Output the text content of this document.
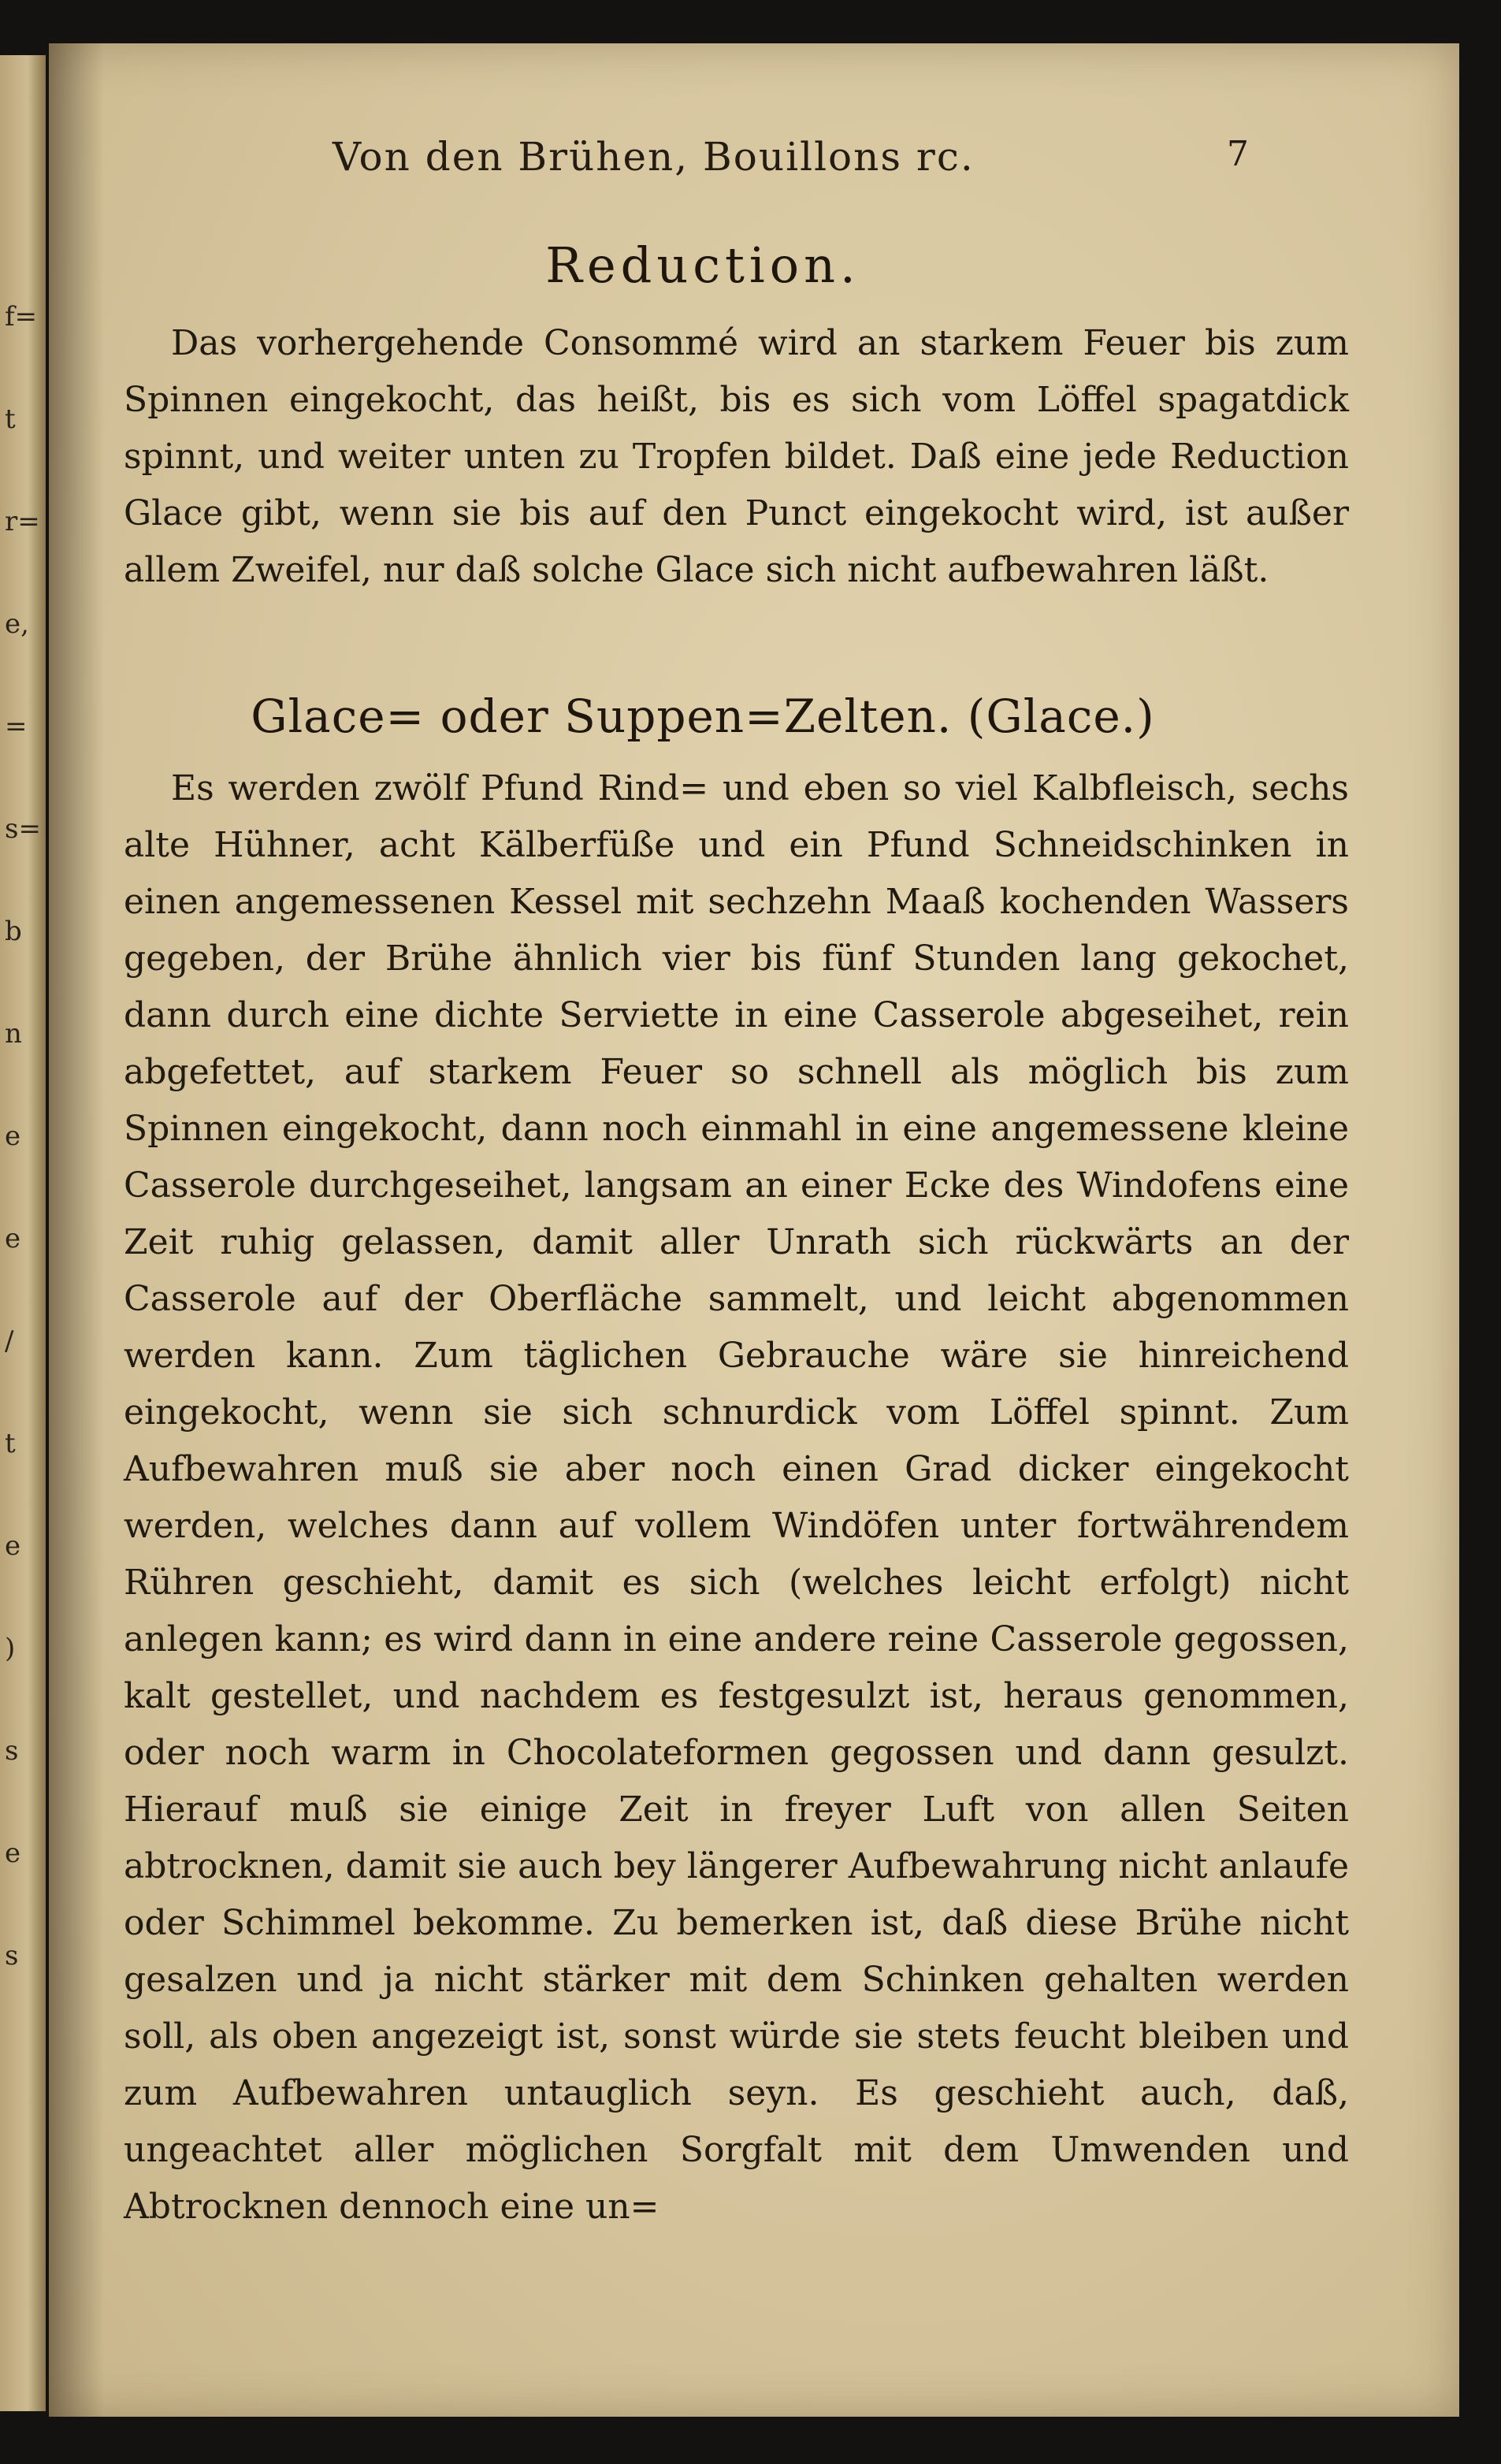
f=
t
r=
e,
=
s=
b
n
e
e
/
t
e
)
s
e
s
Von den Brühen, Bouillons rc.	7
Reduction.

Das vorhergehende Consommé wird an starkem Feuer bis zum Spinnen eingekocht, das heißt, bis es sich vom Löffel spagatdick spinnt, und weiter unten zu Tropfen bildet. Daß eine jede Reduction Glace gibt, wenn sie bis auf den Punct eingekocht wird, ist außer allem Zweifel, nur daß solche Glace sich nicht aufbewahren läßt.

Glace= oder Suppen=Zelten. (Glace.)

Es werden zwölf Pfund Rind= und eben so viel Kalbfleisch, sechs alte Hühner, acht Kälberfüße und ein Pfund Schneidschinken in einen angemessenen Kessel mit sechzehn Maaß kochenden Wassers gegeben, der Brühe ähnlich vier bis fünf Stunden lang gekochet, dann durch eine dichte Serviette in eine Casserole abgeseihet, rein abgefettet, auf starkem Feuer so schnell als möglich bis zum Spinnen eingekocht, dann noch einmahl in eine angemessene kleine Casserole durchgeseihet, langsam an einer Ecke des Windofens eine Zeit ruhig gelassen, damit aller Unrath sich rückwärts an der Casserole auf der Oberfläche sammelt, und leicht abgenommen werden kann. Zum täglichen Gebrauche wäre sie hinreichend eingekocht, wenn sie sich schnurdick vom Löffel spinnt. Zum Aufbewahren muß sie aber noch einen Grad dicker eingekocht werden, welches dann auf vollem Windöfen unter fortwährendem Rühren geschieht, damit es sich (welches leicht erfolgt) nicht anlegen kann; es wird dann in eine andere reine Casserole gegossen, kalt gestellet, und nachdem es festgesulzt ist, heraus genommen, oder noch warm in Chocolateformen gegossen und dann gesulzt. Hierauf muß sie einige Zeit in freyer Luft von allen Seiten abtrocknen, damit sie auch bey längerer Aufbewahrung nicht anlaufe oder Schimmel bekomme. Zu bemerken ist, daß diese Brühe nicht gesalzen und ja nicht stärker mit dem Schinken gehalten werden soll, als oben angezeigt ist, sonst würde sie stets feucht bleiben und zum Aufbewahren untauglich seyn. Es geschieht auch, daß, ungeachtet aller möglichen Sorgfalt mit dem Umwenden und Abtrocknen dennoch eine un=
